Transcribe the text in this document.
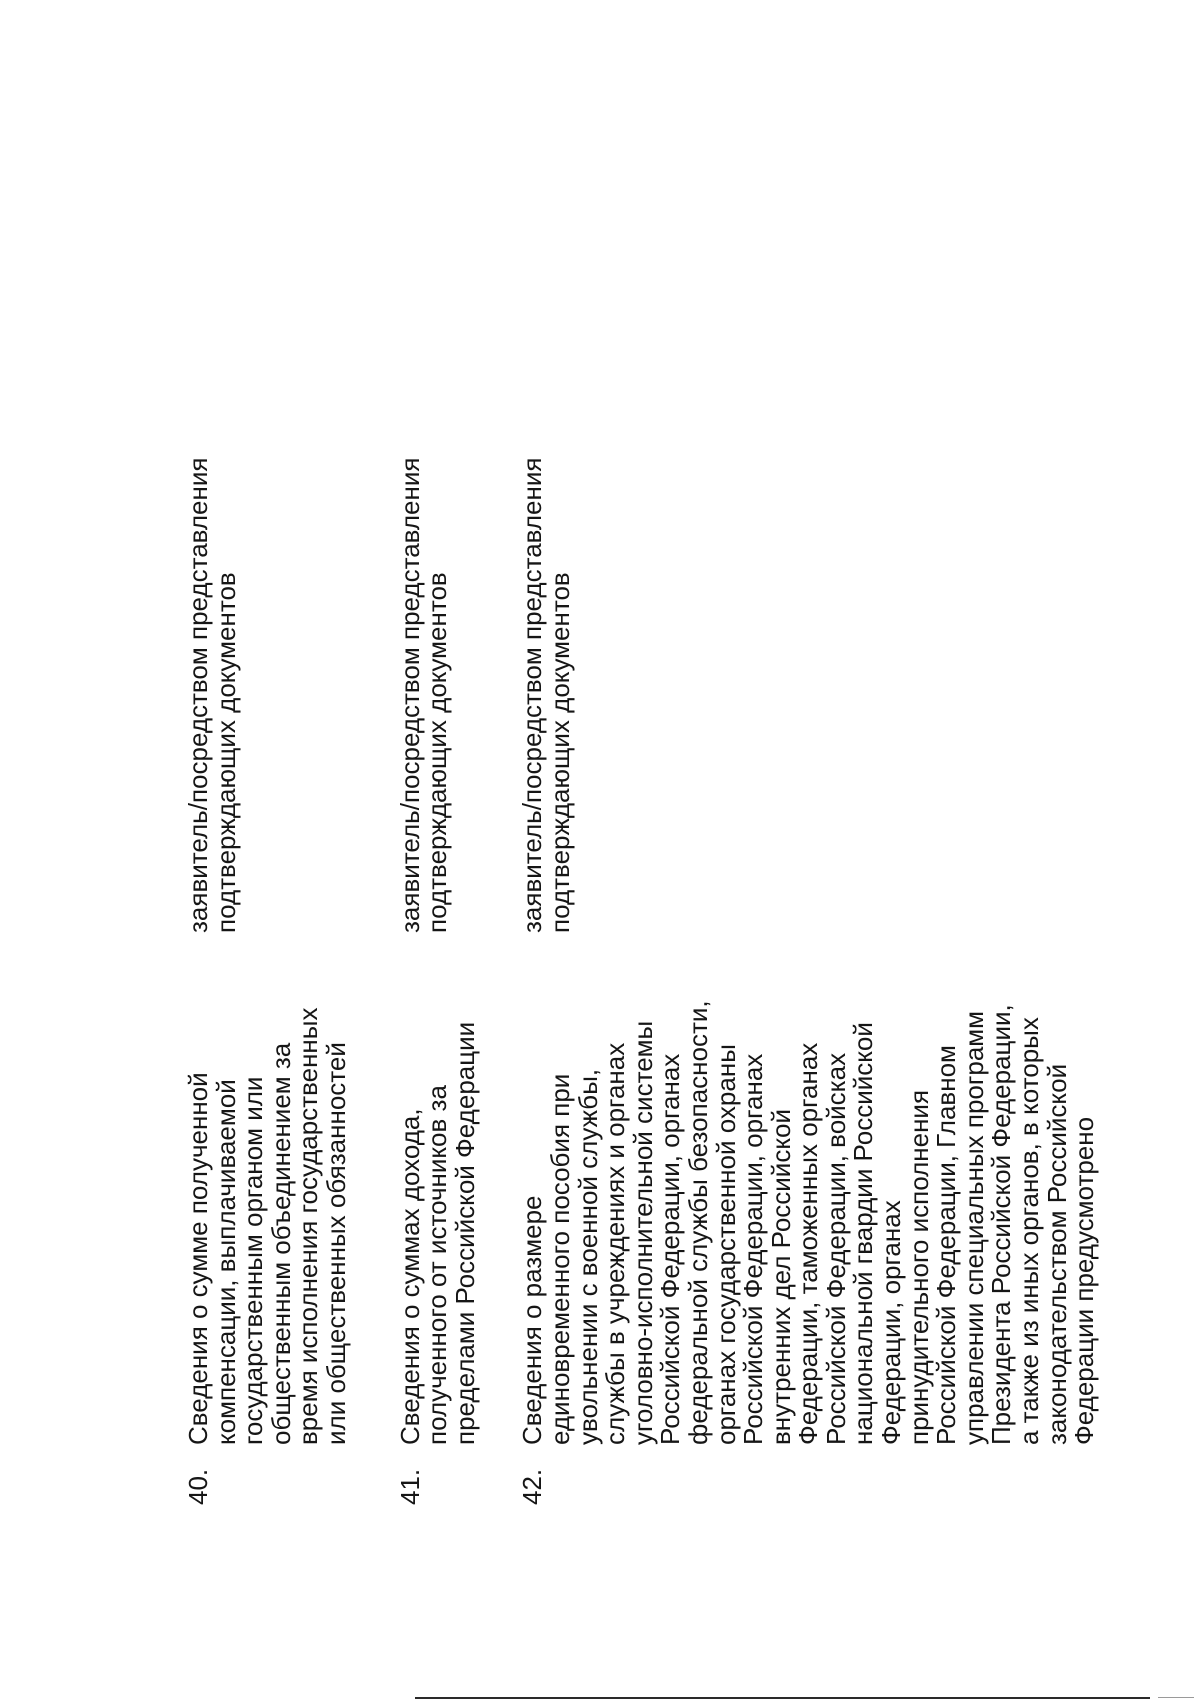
40.
Сведения о сумме полученной
компенсации, выплачиваемой
государственным органом или
общественным объединением за
время исполнения государственных
или общественных обязанностей
заявитель/посредством представления
подтверждающих документов
41.
Сведения о суммах дохода,
полученного от источников за
пределами Российской Федерации
заявитель/посредством представления
подтверждающих документов
42.
Сведения о размере
единовременного пособия при
увольнении с военной службы,
службы в учреждениях и органах
уголовно-исполнительной системы
Российской Федерации, органах
федеральной службы безопасности,
органах государственной охраны
Российской Федерации, органах
внутренних дел Российской
Федерации, таможенных органах
Российской Федерации, войсках
национальной гвардии Российской
Федерации, органах
принудительного исполнения
Российской Федерации, Главном
управлении специальных программ
Президента Российской Федерации,
а также из иных органов, в которых
законодательством Российской
Федерации предусмотрено
заявитель/посредством представления
подтверждающих документов
